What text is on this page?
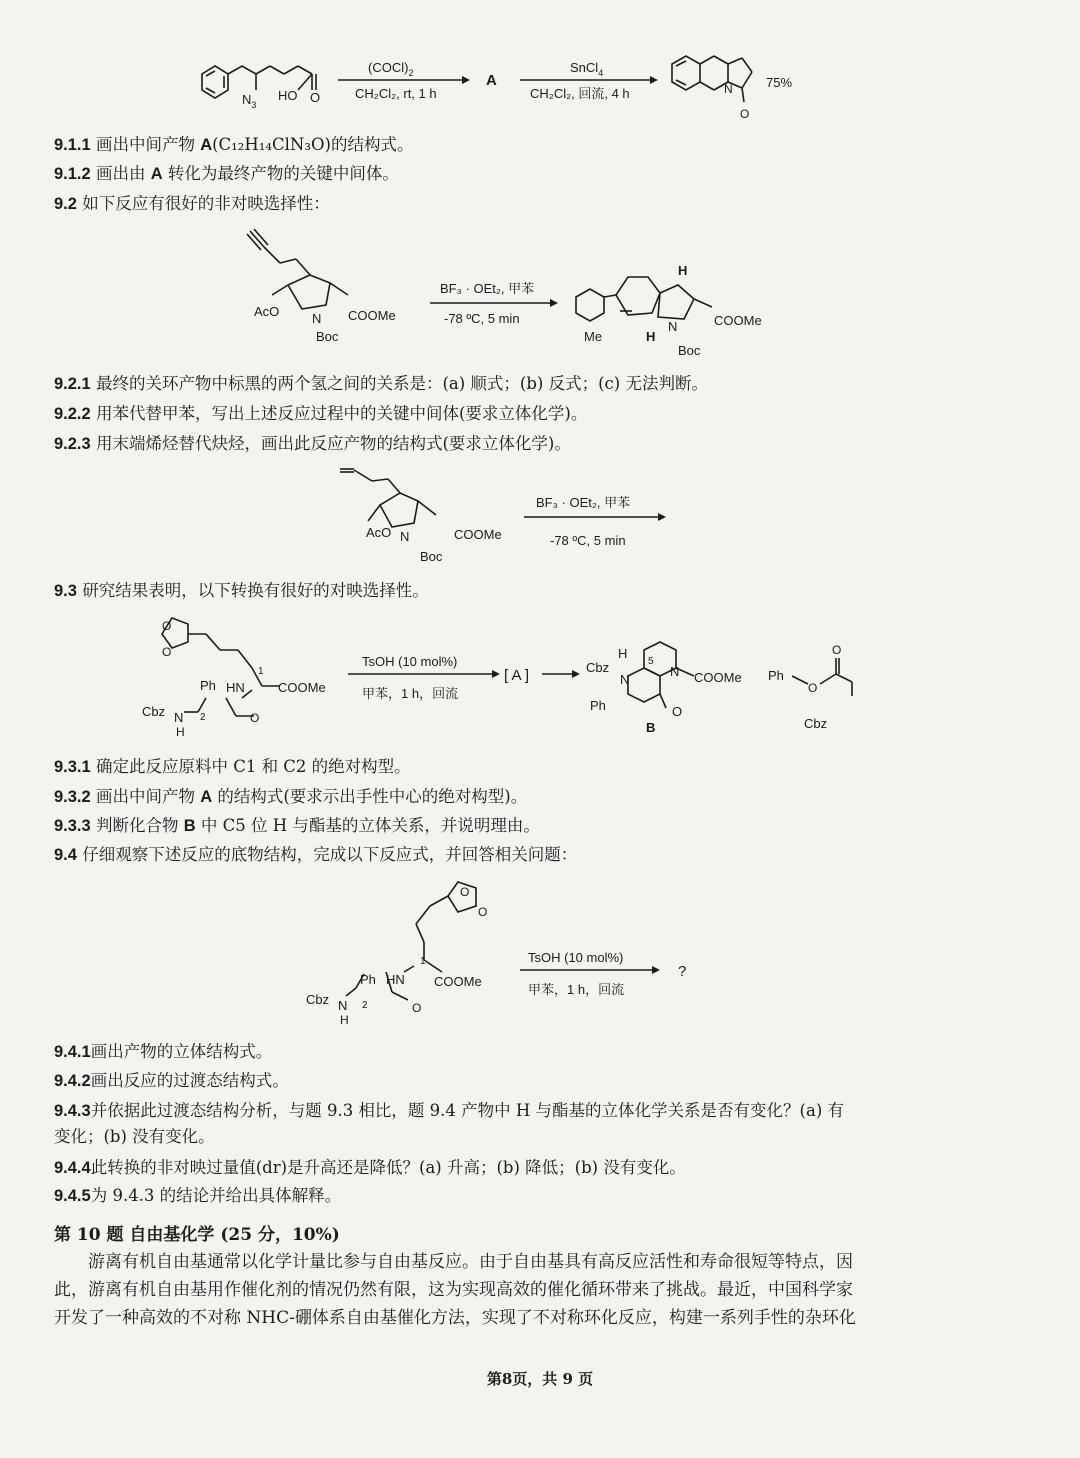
$N_3$
HO O
$(COCl)_2$
CH₂Cl₂, rt, 1 h
A
SnCl$_4$
CH₂Cl₂, 回流, 4 h	N
O
75%
9.1.1 画出中间产物 A(C₁₂H₁₄ClN₃O)的结构式。
9.1.2 画出由 A 转化为最终产物的关键中间体。
9.2 如下反应有很好的非对映选择性：
AcO	N
Boc
COOMe
BF₃ · OEt₂, 甲苯
-78 ºC, 5 min
H
H
Me
N
Boc
COOMe
9.2.1 最终的关环产物中标黑的两个氢之间的关系是：(a) 顺式；(b) 反式；(c) 无法判断。
9.2.2 用苯代替甲苯，写出上述反应过程中的关键中间体(要求立体化学)。
9.2.3 用末端烯烃替代炔烃，画出此反应产物的结构式(要求立体化学)。
AcO N
Boc
COOMe
BF₃ · OEt₂, 甲苯
-78 ºC, 5 min
9.3 研究结果表明，以下转换有很好的对映选择性。
O
O
1
Ph HN	COOMe
Cbz N
H
2	O
TsOH (10 mol%)
甲苯，1 h，回流
[ A ]	Cbz
H
5
N
N COOMe
Ph	O
B
Ph
O
O
Cbz
9.3.1 确定此反应原料中 C1 和 C2 的绝对构型。
9.3.2 画出中间产物 A 的结构式(要求示出手性中心的绝对构型)。
9.3.3 判断化合物 B 中 C5 位 H 与酯基的立体关系，并说明理由。
9.4 仔细观察下述反应的底物结构，完成以下反应式，并回答相关问题：
O
O
1
Ph HN COOMe
Cbz N
H
2	O
TsOH (10 mol%)
甲苯，1 h，回流
?
9.4.1画出产物的立体结构式。
9.4.2画出反应的过渡态结构式。
9.4.3并依据此过渡态结构分析，与题 9.3 相比，题 9.4 产物中 H 与酯基的立体化学关系是否有变化？(a) 有
变化；(b) 没有变化。
9.4.4此转换的非对映过量值(dr)是升高还是降低？(a) 升高；(b) 降低；(b) 没有变化。
9.4.5为 9.4.3 的结论并给出具体解释。
第 10 题 自由基化学 (25 分，10%)
游离有机自由基通常以化学计量比参与自由基反应。由于自由基具有高反应活性和寿命很短等特点，因
此，游离有机自由基用作催化剂的情况仍然有限，这为实现高效的催化循环带来了挑战。最近，中国科学家
开发了一种高效的不对称 NHC-硼体系自由基催化方法，实现了不对称环化反应，构建一系列手性的杂环化
第8页，共 9 页
